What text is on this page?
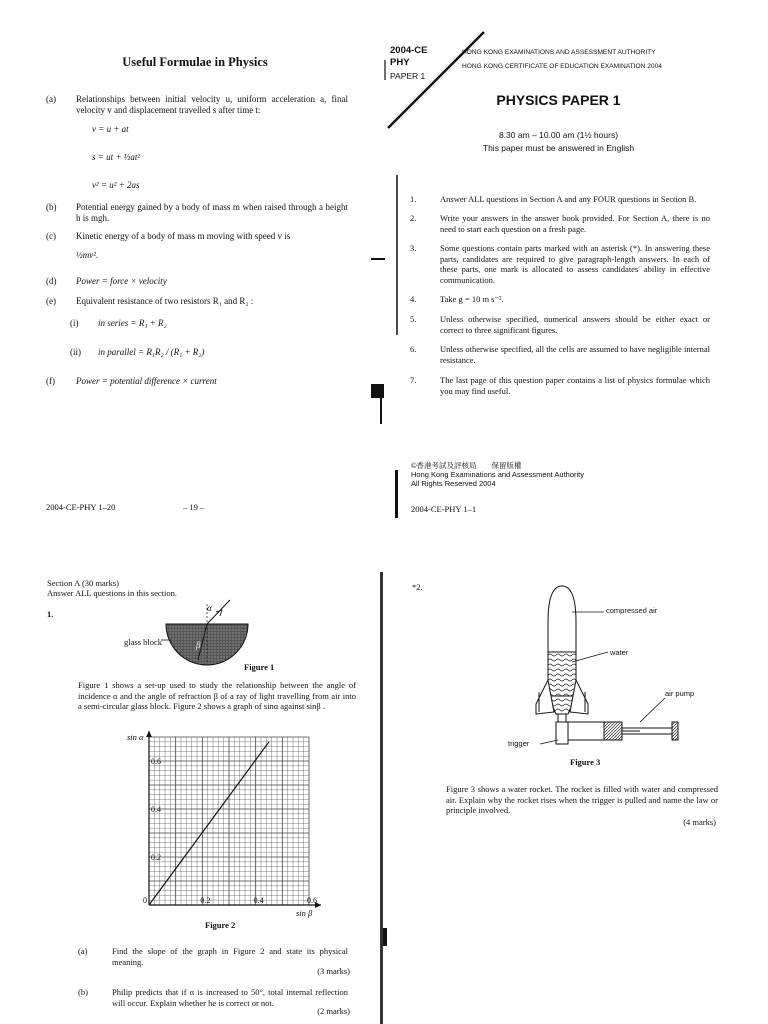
Useful Formulae in Physics
(a)	Relationships between initial velocity u, uniform acceleration a, final velocity v and displacement travelled s after time t:
v = u + at
s = ut + ½at²
v² = u² + 2as
(b)	Potential energy gained by a body of mass m when raised through a height h is mgh.
(c)	Kinetic energy of a body of mass m moving with speed v is
½mv².
(d)	Power = force × velocity
(e)	Equivalent resistance of two resistors R₁ and R₂ :
(i) in series = R₁ + R₂
(ii) in parallel = R₁R₂ / (R₁ + R₂)
(f)	Power = potential difference × current
2004-CE-PHY 1–20	– 19 –
2004-CE
PHY
PAPER 1
HONG KONG EXAMINATIONS AND ASSESSMENT AUTHORITY
HONG KONG CERTIFICATE OF EDUCATION EXAMINATION 2004
PHYSICS PAPER 1
8.30 am – 10.00 am (1½ hours)
This paper must be answered in English
1.	Answer ALL questions in Section A and any FOUR questions in Section B.
2.	Write your answers in the answer book provided. For Section A, there is no need to start each question on a fresh page.
3.	Some questions contain parts marked with an asterisk (*). In answering these parts, candidates are required to give paragraph-length answers. In each of these parts, one mark is allocated to assess candidates' ability in effective communication.
4.	Take g = 10 m s⁻².
5.	Unless otherwise specified, numerical answers should be either exact or correct to three significant figures.
6.	Unless otherwise specified, all the cells are assumed to have negligible internal resistance.
7.	The last page of this question paper contains a list of physics formulae which you may find useful.
©香港考試及評核局　　保留版權
Hong Kong Examinations and Assessment Authority
All Rights Reserved 2004
2004-CE-PHY 1–1
Section A (30 marks)
Answer ALL questions in this section.
1.
α
β
glass block
Figure 1
Figure 1 shows a set-up used to study the relationship between the angle of incidence α and the angle of refraction β of a ray of light travelling from air into a semi-circular glass block. Figure 2 shows a graph of sinα against sinβ .
sin α
sin β
0	0.2	0.4	0.6
0.2
0.4
0.6
Figure 2
(a)	Find the slope of the graph in Figure 2 and state its physical meaning.
(3 marks)
(b)	Philip predicts that if α is increased to 50°, total internal reflection will occur. Explain whether he is correct or not.
(2 marks)
*2.
compressed air
water
air pump
trigger
Figure 3
Figure 3 shows a water rocket. The rocket is filled with water and compressed air. Explain why the rocket rises when the trigger is pulled and name the law or principle involved.
(4 marks)
